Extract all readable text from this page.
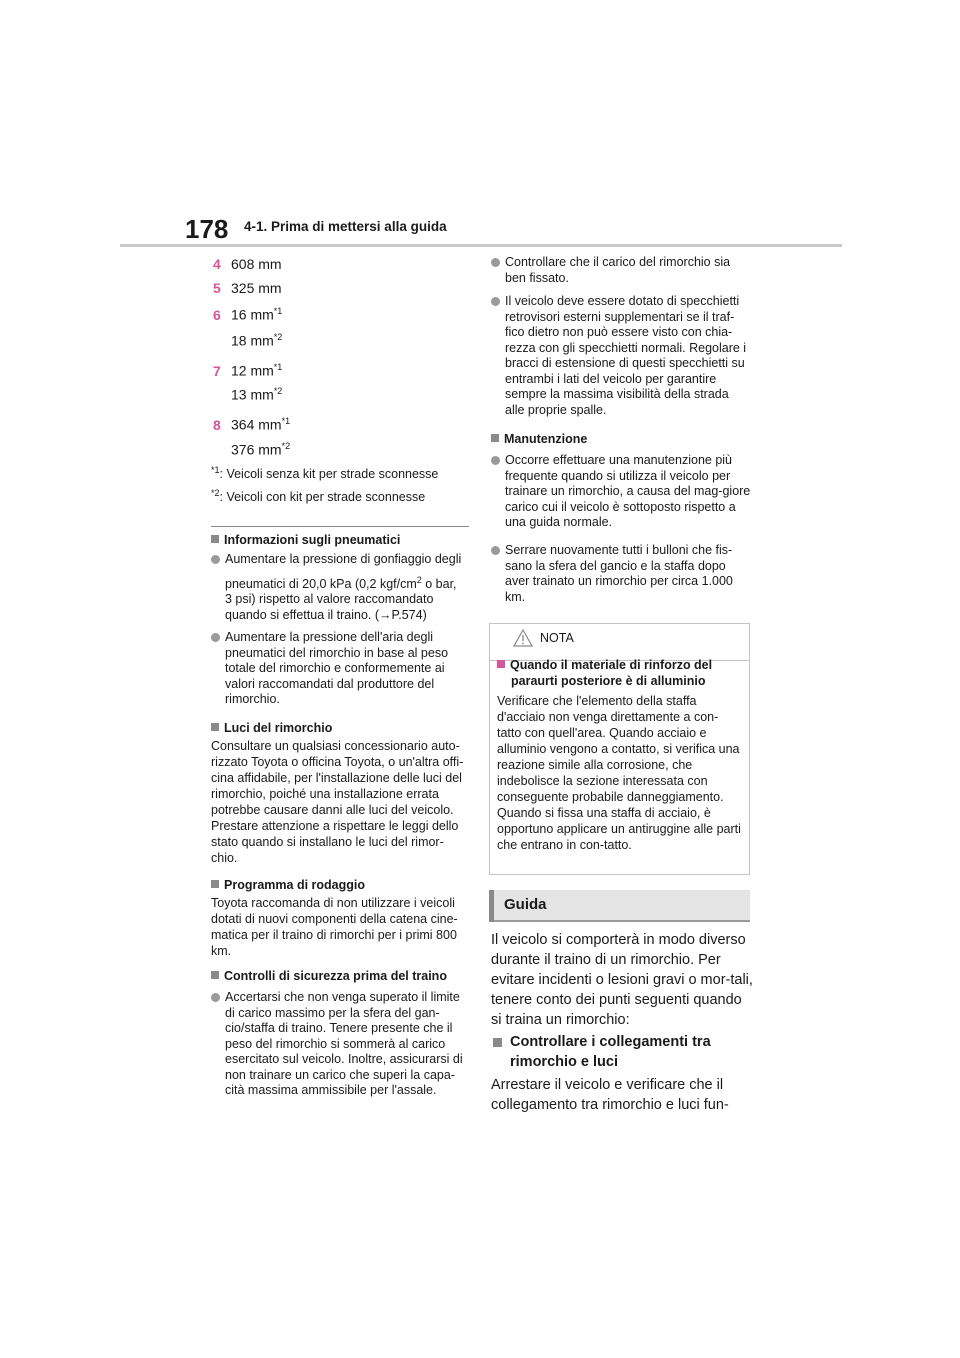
178 4-1. Prima di mettersi alla guida
4 608 mm
5 325 mm
6 16 $mm^{*1}$
18 $mm^{*2}$
7 12 $mm^{*1}$
13 $mm^{*2}$
8 364 $mm^{*1}$
376 $mm^{*2}$
$^{*1}$: Veicoli senza kit per strade sconnesse
$^{*2}$: Veicoli con kit per strade sconnesse
Informazioni sugli pneumatici
Aumentare la pressione di gonfiaggio degli
pneumatici di 20,0 kPa (0,2 kgf/$cm^2$ o bar,
3 psi) rispetto al valore raccomandato quando si effettua il traino. (→P.574)
Aumentare la pressione dell'aria degli pneumatici del rimorchio in base al peso totale del rimorchio e conformemente ai valori raccomandati dal produttore del rimorchio.
Luci del rimorchio
Consultare un qualsiasi concessionario auto-rizzato Toyota o officina Toyota, o un'altra offi-cina affidabile, per l'installazione delle luci del rimorchio, poiché una installazione errata potrebbe causare danni alle luci del veicolo. Prestare attenzione a rispettare le leggi dello stato quando si installano le luci del rimor-chio.
Programma di rodaggio
Toyota raccomanda di non utilizzare i veicoli dotati di nuovi componenti della catena cine-matica per il traino di rimorchi per i primi 800 km.
Controlli di sicurezza prima del traino
Accertarsi che non venga superato il limite di carico massimo per la sfera del gan-cio/staffa di traino. Tenere presente che il peso del rimorchio si sommerà al carico esercitato sul veicolo. Inoltre, assicurarsi di non trainare un carico che superi la capa-cità massima ammissibile per l'assale.
Controllare che il carico del rimorchio sia ben fissato.
Il veicolo deve essere dotato di specchietti retrovisori esterni supplementari se il traf-fico dietro non può essere visto con chia-rezza con gli specchietti normali. Regolare i bracci di estensione di questi specchietti su entrambi i lati del veicolo per garantire sempre la massima visibilità della strada alle proprie spalle.
Manutenzione
Occorre effettuare una manutenzione più frequente quando si utilizza il veicolo per trainare un rimorchio, a causa del mag-giore carico cui il veicolo è sottoposto rispetto a una guida normale.
Serrare nuovamente tutti i bulloni che fis-sano la sfera del gancio e la staffa dopo aver trainato un rimorchio per circa 1.000 km.
NOTA
Quando il materiale di rinforzo del paraurti posteriore è di alluminio
Verificare che l'elemento della staffa d'acciaio non venga direttamente a con-tatto con quell'area. Quando acciaio e alluminio vengono a contatto, si verifica una reazione simile alla corrosione, che indebolisce la sezione interessata con conseguente probabile danneggiamento. Quando si fissa una staffa di acciaio, è opportuno applicare un antiruggine alle parti che entrano in con-tatto.
Guida
Il veicolo si comporterà in modo diverso durante il traino di un rimorchio. Per evitare incidenti o lesioni gravi o mor-tali, tenere conto dei punti seguenti quando si traina un rimorchio:
Controllare i collegamenti tra rimorchio e luci
Arrestare il veicolo e verificare che il collegamento tra rimorchio e luci fun-
